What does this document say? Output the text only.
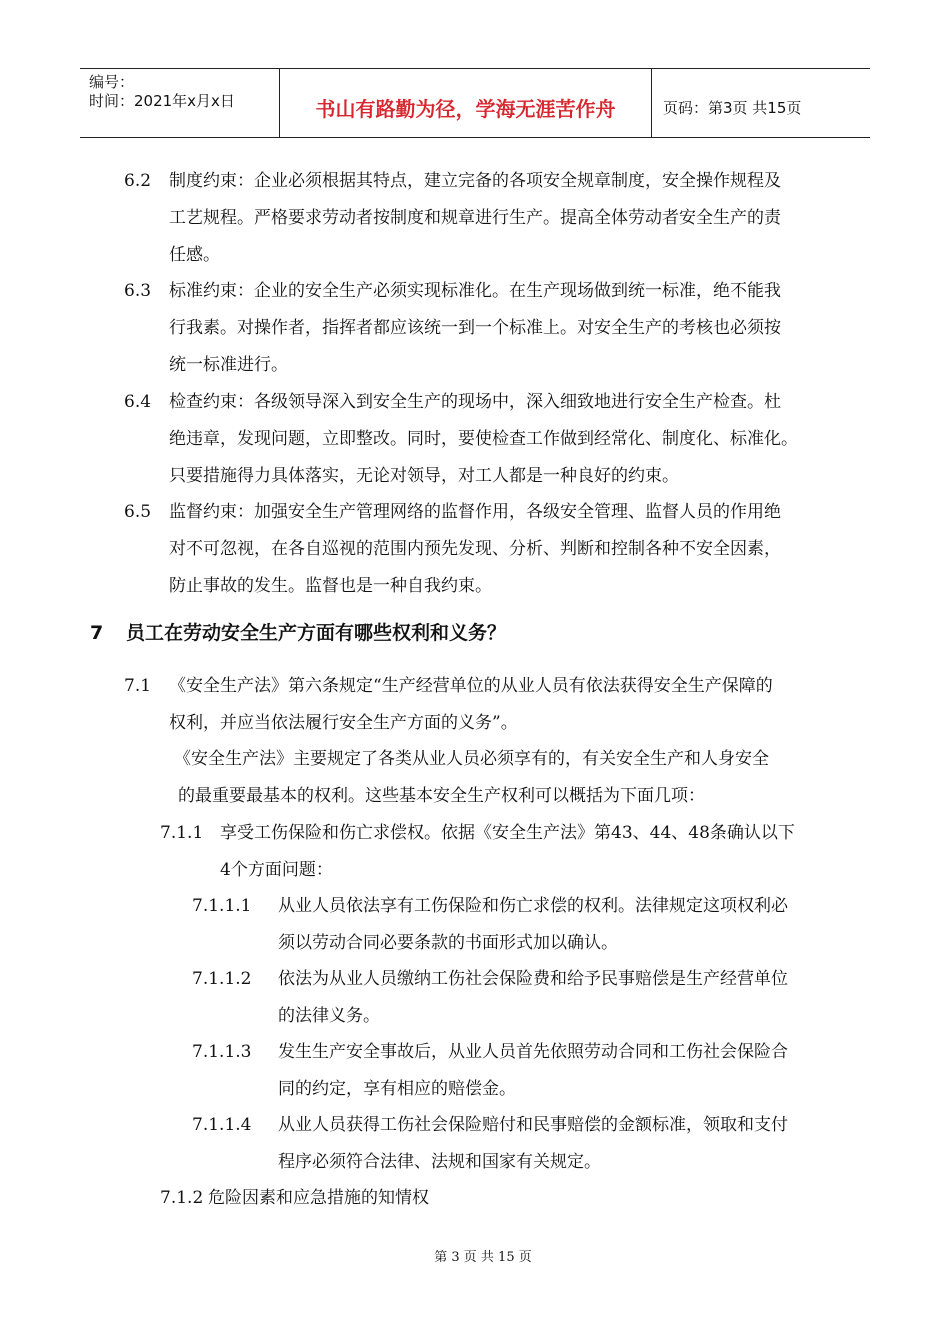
编号：
时间：2021年x月x日	书山有路勤为径，学海无涯苦作舟	页码：第3页 共15页
6.2 制度约束：企业必须根据其特点，建立完备的各项安全规章制度，安全操作规程及
工艺规程。严格要求劳动者按制度和规章进行生产。提高全体劳动者安全生产的责
任感。
6.3 标准约束：企业的安全生产必须实现标准化。在生产现场做到统一标准，绝不能我
行我素。对操作者，指挥者都应该统一到一个标准上。对安全生产的考核也必须按
统一标准进行。
6.4 检查约束：各级领导深入到安全生产的现场中，深入细致地进行安全生产检查。杜
绝违章，发现问题，立即整改。同时，要使检查工作做到经常化、制度化、标准化。
只要措施得力具体落实，无论对领导，对工人都是一种良好的约束。
6.5 监督约束：加强安全生产管理网络的监督作用，各级安全管理、监督人员的作用绝
对不可忽视，在各自巡视的范围内预先发现、分析、判断和控制各种不安全因素，
防止事故的发生。监督也是一种自我约束。
7 员工在劳动安全生产方面有哪些权利和义务？
7.1 《安全生产法》第六条规定“生产经营单位的从业人员有依法获得安全生产保障的
权利，并应当依法履行安全生产方面的义务”。
《安全生产法》主要规定了各类从业人员必须享有的，有关安全生产和人身安全
的最重要最基本的权利。这些基本安全生产权利可以概括为下面几项：
7.1.1 享受工伤保险和伤亡求偿权。依据《安全生产法》第43、44、48条确认以下
4个方面问题：
7.1.1.1 从业人员依法享有工伤保险和伤亡求偿的权利。法律规定这项权利必
须以劳动合同必要条款的书面形式加以确认。
7.1.1.2 依法为从业人员缴纳工伤社会保险费和给予民事赔偿是生产经营单位
的法律义务。
7.1.1.3 发生生产安全事故后，从业人员首先依照劳动合同和工伤社会保险合
同的约定，享有相应的赔偿金。
7.1.1.4 从业人员获得工伤社会保险赔付和民事赔偿的金额标准，领取和支付
程序必须符合法律、法规和国家有关规定。
7.1.2 危险因素和应急措施的知情权
第 3 页 共 15 页
